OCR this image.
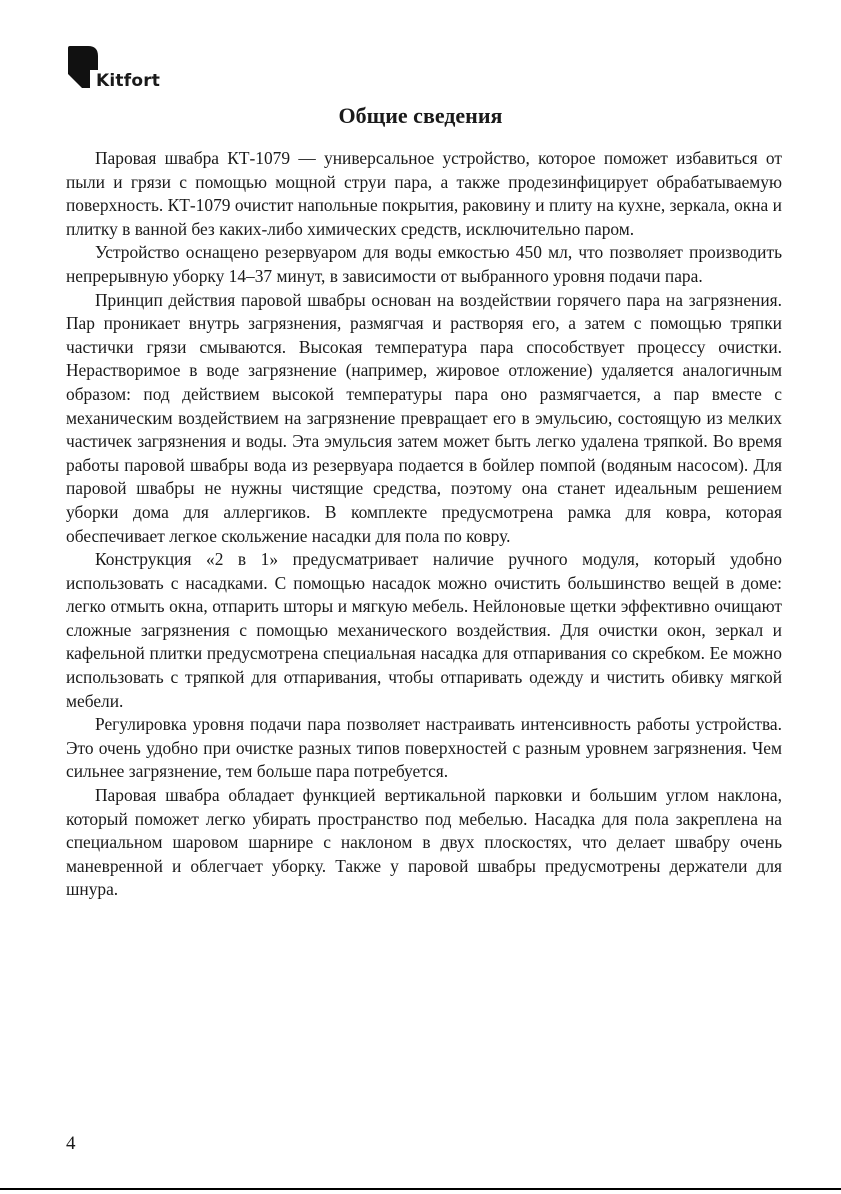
Kitfort
Общие сведения

Паровая швабра КТ-1079 — универсальное устройство, которое поможет избавиться от пыли и грязи с помощью мощной струи пара, а также продезинфицирует обрабатываемую поверхность. КТ-1079 очистит напольные покрытия, раковину и плиту на кухне, зеркала, окна и плитку в ванной без каких-либо химических средств, исключительно паром.

Устройство оснащено резервуаром для воды емкостью 450 мл, что позволяет производить непрерывную уборку 14–37 минут, в зависимости от выбранного уровня подачи пара.

Принцип действия паровой швабры основан на воздействии горячего пара на загрязнения. Пар проникает внутрь загрязнения, размягчая и растворяя его, а затем с помощью тряпки частички грязи смываются. Высокая температура пара способствует процессу очистки. Нерастворимое в воде загрязнение (например, жировое отложение) удаляется аналогичным образом: под действием высокой температуры пара оно размягчается, а пар вместе с механическим воздействием на загрязнение превращает его в эмульсию, состоящую из мелких частичек загрязнения и воды. Эта эмульсия затем может быть легко удалена тряпкой. Во время работы паровой швабры вода из резервуара подается в бойлер помпой (водяным насосом). Для паровой швабры не нужны чистящие средства, поэтому она станет идеальным решением уборки дома для аллергиков. В комплекте предусмотрена рамка для ковра, которая обеспечивает легкое скольжение насадки для пола по ковру.

Конструкция «2 в 1» предусматривает наличие ручного модуля, который удобно использовать с насадками. С помощью насадок можно очистить большинство вещей в доме: легко отмыть окна, отпарить шторы и мягкую мебель. Нейлоновые щетки эффективно очищают сложные загрязнения с помощью механического воздействия. Для очистки окон, зеркал и кафельной плитки предусмотрена специальная насадка для отпаривания со скребком. Ее можно использовать с тряпкой для отпаривания, чтобы отпаривать одежду и чистить обивку мягкой мебели.

Регулировка уровня подачи пара позволяет настраивать интенсивность работы устройства. Это очень удобно при очистке разных типов поверхностей с разным уровнем загрязнения. Чем сильнее загрязнение, тем больше пара потребуется.

Паровая швабра обладает функцией вертикальной парковки и большим углом наклона, который поможет легко убирать пространство под мебелью. Насадка для пола закреплена на специальном шаровом шарнире с наклоном в двух плоскостях, что делает швабру очень маневренной и облегчает уборку. Также у паровой швабры предусмотрены держатели для шнура.

4
